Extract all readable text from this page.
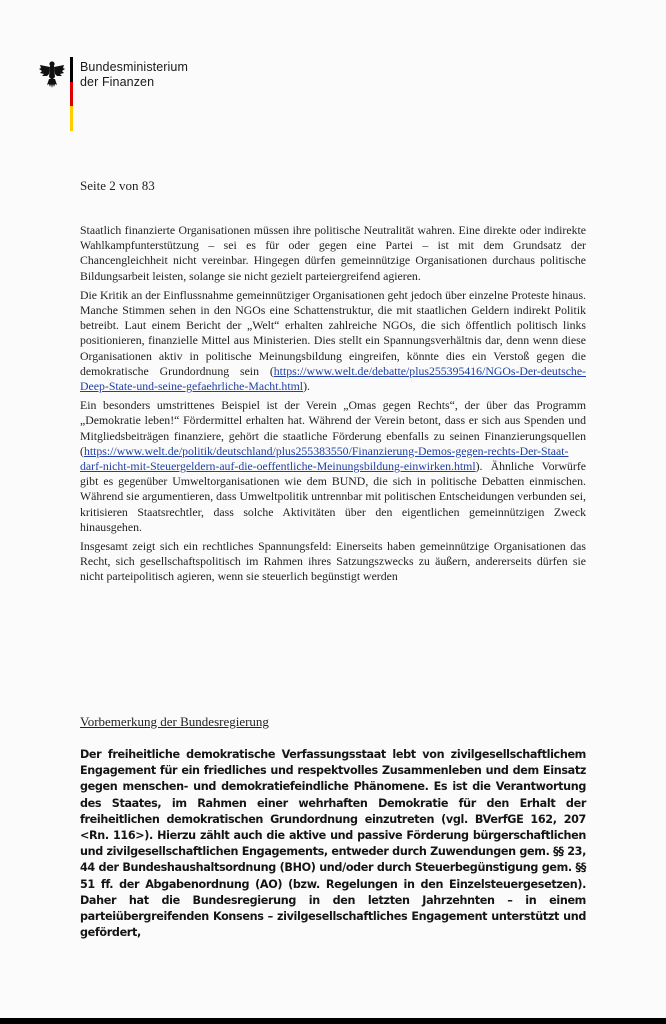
Bundesministerium
der Finanzen
Seite 2 von 83

Staatlich finanzierte Organisationen müssen ihre politische Neutralität wahren. Eine direkte oder indirekte Wahlkampfunterstützung – sei es für oder gegen eine Partei – ist mit dem Grundsatz der Chancengleichheit nicht vereinbar. Hingegen dürfen gemeinnützige Organisationen durchaus politische Bildungsarbeit leisten, solange sie nicht gezielt parteiergreifend agieren.

Die Kritik an der Einflussnahme gemeinnütziger Organisationen geht jedoch über einzelne Proteste hinaus. Manche Stimmen sehen in den NGOs eine Schattenstruktur, die mit staatlichen Geldern indirekt Politik betreibt. Laut einem Bericht der „Welt“ erhalten zahlreiche NGOs, die sich öffentlich politisch links positionieren, finanzielle Mittel aus Ministerien. Dies stellt ein Spannungsverhältnis dar, denn wenn diese Organisationen aktiv in politische Meinungsbildung eingreifen, könnte dies ein Verstoß gegen die demokratische Grundordnung sein (https://www.welt.de/debatte/plus255395416/NGOs-Der-deutsche-Deep-State-und-seine-gefaehrliche-Macht.html).

Ein besonders umstrittenes Beispiel ist der Verein „Omas gegen Rechts“, der über das Programm „Demokratie leben!“ Fördermittel erhalten hat. Während der Verein betont, dass er sich aus Spenden und Mitgliedsbeiträgen finanziere, gehört die staatliche Förderung ebenfalls zu seinen Finanzierungsquellen (https://www.welt.de/politik/deutschland/plus255383550/Finanzierung-Demos-gegen-rechts-Der-Staat-darf-nicht-mit-Steuergeldern-auf-die-oeffentliche-Meinungsbildung-einwirken.html). Ähnliche Vorwürfe gibt es gegenüber Umweltorganisationen wie dem BUND, die sich in politische Debatten einmischen. Während sie argumentieren, dass Umweltpolitik untrennbar mit politischen Entscheidungen verbunden sei, kritisieren Staatsrechtler, dass solche Aktivitäten über den eigentlichen gemeinnützigen Zweck hinausgehen.

Insgesamt zeigt sich ein rechtliches Spannungsfeld: Einerseits haben gemeinnützige Organisationen das Recht, sich gesellschaftspolitisch im Rahmen ihres Satzungszwecks zu äußern, andererseits dürfen sie nicht parteipolitisch agieren, wenn sie steuerlich begünstigt werden

Vorbemerkung der Bundesregierung
Der freiheitliche demokratische Verfassungsstaat lebt von zivilgesellschaftlichem Engagement für ein friedliches und respektvolles Zusammenleben und dem Einsatz gegen menschen- und demokratiefeindliche Phänomene. Es ist die Verantwortung des Staates, im Rahmen einer wehrhaften Demokratie für den Erhalt der freiheitlichen demokratischen Grundordnung einzutreten (vgl. BVerfGE 162, 207 <Rn. 116>). Hierzu zählt auch die aktive und passive Förderung bürgerschaftlichen und zivilgesellschaftlichen Engagements, entweder durch Zuwendungen gem. §§ 23, 44 der Bundeshaushaltsordnung (BHO) und/oder durch Steuerbegünstigung gem. §§ 51 ff. der Abgabenordnung (AO) (bzw. Regelungen in den Einzelsteuergesetzen). Daher hat die Bundesregierung in den letzten Jahrzehnten – in einem parteiübergreifenden Konsens – zivilgesellschaftliches Engagement unterstützt und gefördert,
